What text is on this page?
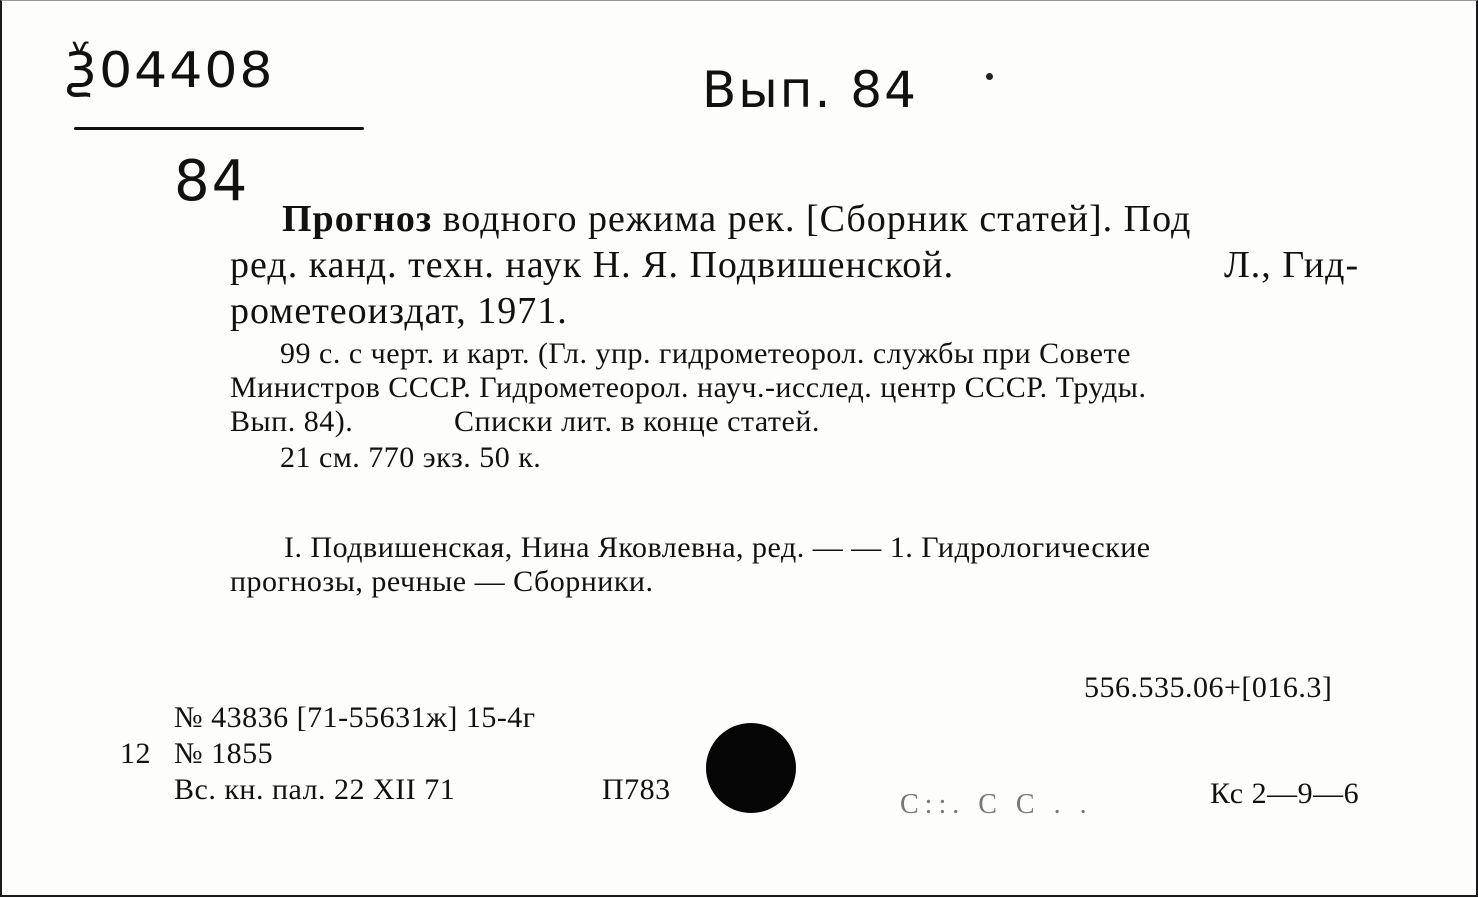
Ѯ04408	Вып. 84
84
Прогноз водного режима рек. [Сборник статей]. Под
ред. канд. техн. наук Н. Я. Подвишенской.	Л., Гид-
рометеоиздат, 1971.
99 с. с черт. и карт. (Гл. упр. гидрометеорол. службы при Совете
Министров СССР. Гидрометеорол. науч.-исслед. центр СССР. Труды.
Вып. 84).	Списки лит. в конце статей.
21 см. 770 экз. 50 к.
I. Подвишенская, Нина Яковлевна, ред. — — 1. Гидрологические
прогнозы, речные — Сборники.
556.535.06+[016.3]
№ 43836 [71-55631ж] 15-4г
12 № 1855
Вс. кн. пал. 22 XII 71	П783	C::. C C . .	Кс 2—9—6
